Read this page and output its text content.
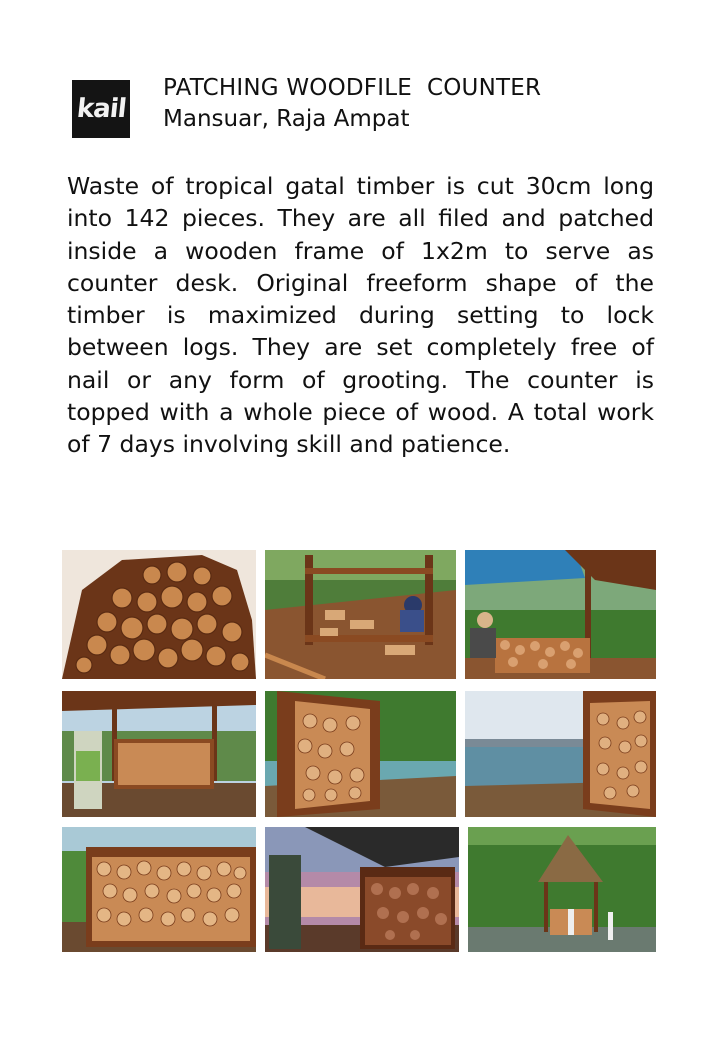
kail
PATCHING WOODFILE  COUNTER
Mansuar, Raja Ampat

Waste of tropical gatal timber is cut 30cm long into 142 pieces. They are all filed and patched inside a wooden frame of 1x2m to serve as counter desk. Original freeform shape of the timber is maximized during setting to lock between logs. They are set completely free of nail or any form of grooting. The counter is topped with a whole piece of wood. A total work of 7 days involving skill and patience.
